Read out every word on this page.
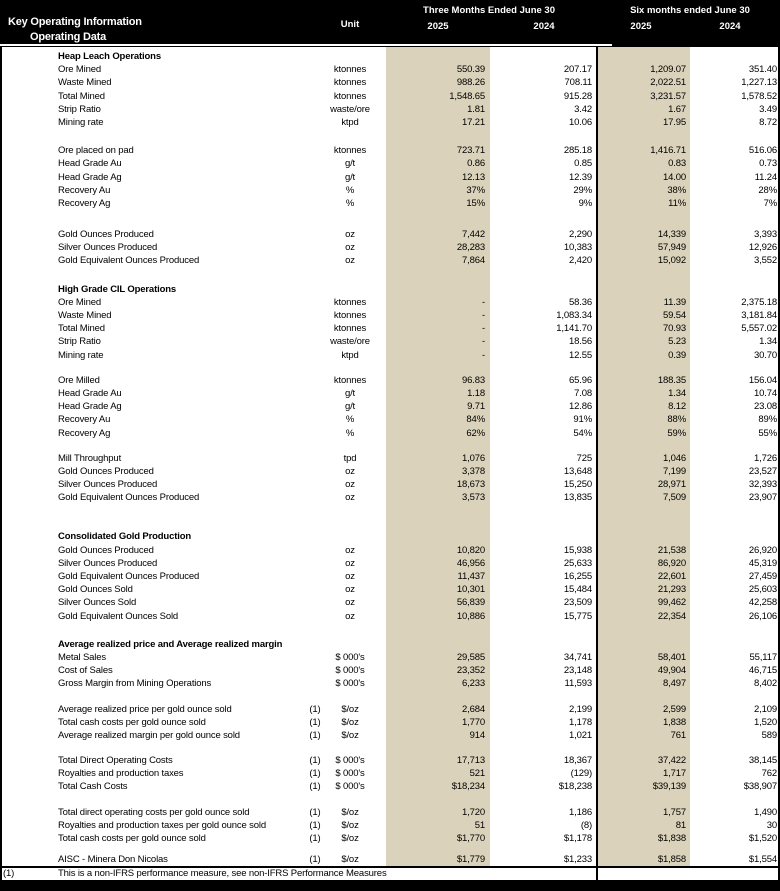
Key Operating Information
Operating Data
Unit
Three Months Ended June 30	Six months ended June 30
2025	2024	2025	2024
Heap Leach Operations
Ore Mined	ktonnes	550.39	207.17	1,209.07	351.40
Waste Mined	ktonnes	988.26	708.11	2,022.51	1,227.13
Total Mined	ktonnes	1,548.65	915.28	3,231.57	1,578.52
Strip Ratio	waste/ore	1.81	3.42	1.67	3.49
Mining rate	ktpd	17.21	10.06	17.95	8.72
Ore placed on pad	ktonnes	723.71	285.18	1,416.71	516.06
Head Grade Au	g/t	0.86	0.85	0.83	0.73
Head Grade Ag	g/t	12.13	12.39	14.00	11.24
Recovery Au	%	37%	29%	38%	28%
Recovery Ag	%	15%	9%	11%	7%
Gold Ounces Produced	oz	7,442	2,290	14,339	3,393
Silver Ounces Produced	oz	28,283	10,383	57,949	12,926
Gold Equivalent Ounces Produced	oz	7,864	2,420	15,092	3,552
High Grade CIL Operations
Ore Mined	ktonnes	-	58.36	11.39	2,375.18
Waste Mined	ktonnes	-	1,083.34	59.54	3,181.84
Total Mined	ktonnes	-	1,141.70	70.93	5,557.02
Strip Ratio	waste/ore	-	18.56	5.23	1.34
Mining rate	ktpd	-	12.55	0.39	30.70
Ore Milled	ktonnes	96.83	65.96	188.35	156.04
Head Grade Au	g/t	1.18	7.08	1.34	10.74
Head Grade Ag	g/t	9.71	12.86	8.12	23.08
Recovery Au	%	84%	91%	88%	89%
Recovery Ag	%	62%	54%	59%	55%
Mill Throughput	tpd	1,076	725	1,046	1,726
Gold Ounces Produced	oz	3,378	13,648	7,199	23,527
Silver Ounces Produced	oz	18,673	15,250	28,971	32,393
Gold Equivalent Ounces Produced	oz	3,573	13,835	7,509	23,907
Consolidated Gold Production
Gold Ounces Produced	oz	10,820	15,938	21,538	26,920
Silver Ounces Produced	oz	46,956	25,633	86,920	45,319
Gold Equivalent Ounces Produced	oz	11,437	16,255	22,601	27,459
Gold Ounces Sold	oz	10,301	15,484	21,293	25,603
Silver Ounces Sold	oz	56,839	23,509	99,462	42,258
Gold Equivalent Ounces Sold	oz	10,886	15,775	22,354	26,106
Average realized price and Average realized margin
Metal Sales	$ 000's	29,585	34,741	58,401	55,117
Cost of Sales	$ 000's	23,352	23,148	49,904	46,715
Gross Margin from Mining Operations	$ 000's	6,233	11,593	8,497	8,402
Average realized price per gold ounce sold	(1)	$/oz	2,684	2,199	2,599	2,109
Total cash costs per gold ounce sold	(1)	$/oz	1,770	1,178	1,838	1,520
Average realized margin per gold ounce sold	(1)	$/oz	914	1,021	761	589
Total Direct Operating Costs	(1)	$ 000's	17,713	18,367	37,422	38,145
Royalties and production taxes	(1)	$ 000's	521	(129)	1,717	762
Total Cash Costs	(1)	$ 000's	$18,234	$18,238	$39,139	$38,907
Total direct operating costs per gold ounce sold	(1)	$/oz	1,720	1,186	1,757	1,490
Royalties and production taxes per gold ounce sold	(1)	$/oz	51	(8)	81	30
Total cash costs per gold ounce sold	(1)	$/oz	$1,770	$1,178	$1,838	$1,520
AISC - Minera Don Nicolas	(1)	$/oz	$1,779	$1,233	$1,858	$1,554
(1)	This is a non-IFRS performance measure, see non-IFRS Performance Measures
